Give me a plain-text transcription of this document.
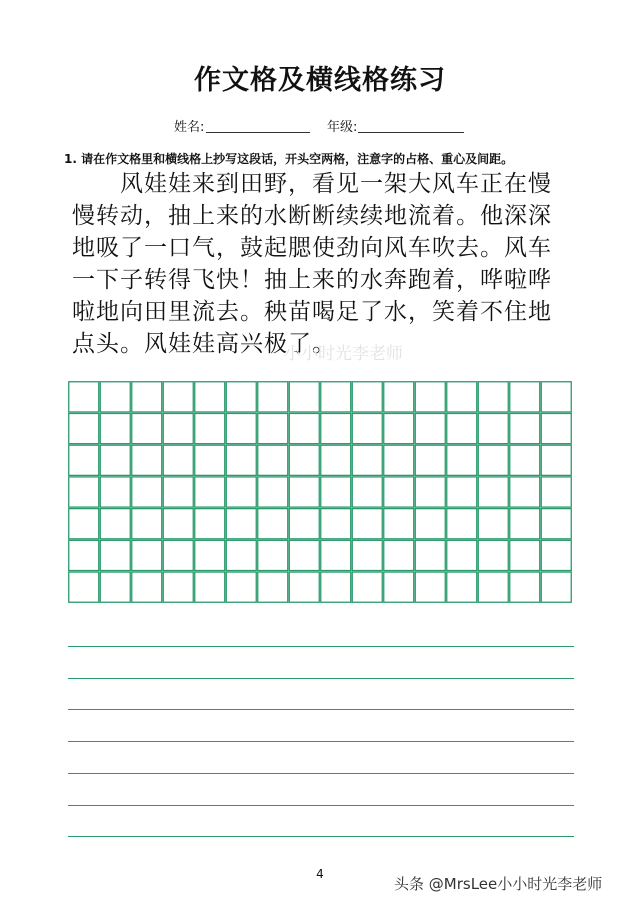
作文格及横线格练习
姓名:	年级:
1. 请在作文格里和横线格上抄写这段话，开头空两格，注意字的占格、重心及间距。
　　风娃娃来到田野，看见一架大风车正在慢
慢转动，抽上来的水断断续续地流着。他深深
地吸了一口气，鼓起腮使劲向风车吹去。风车
一下子转得飞快！抽上来的水奔跑着，哗啦哗
啦地向田里流去。秧苗喝足了水，笑着不住地
点头。风娃娃高兴极了。
小小时光李老师
4
头条 @MrsLee小小时光李老师
